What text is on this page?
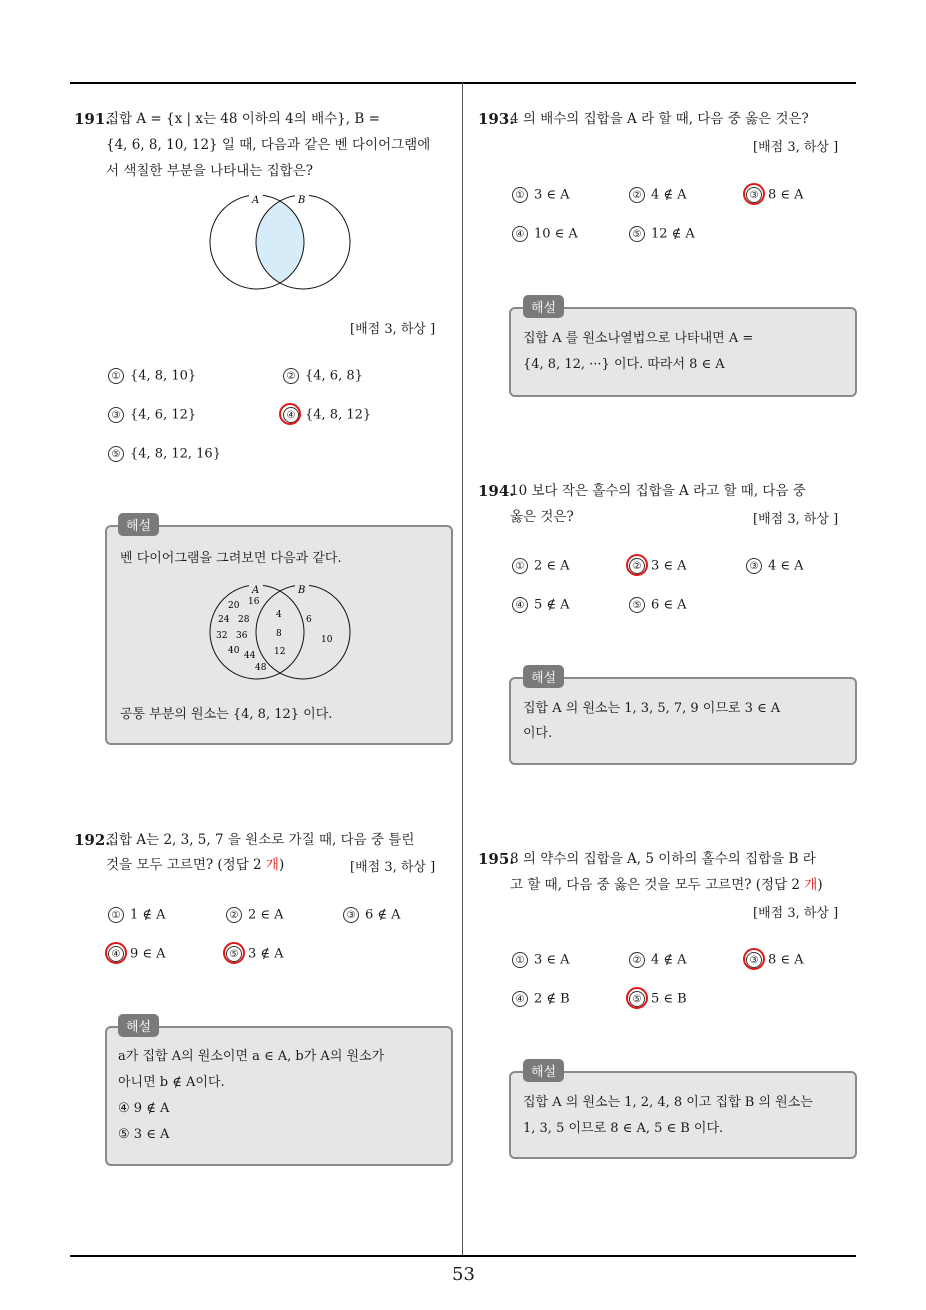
53
191.
집합 A = {x | x는 48 이하의 4의 배수}, B =
{4, 6, 8, 10, 12} 일 때, 다음과 같은 벤 다이어그램에
서 색칠한 부분을 나타내는 집합은?
A	B
[배점 3, 하상 ]
① {4, 8, 10}	② {4, 6, 8}
③ {4, 6, 12}	④ {4, 8, 12}
⑤ {4, 8, 12, 16}
해설
벤 다이어그램을 그려보면 다음과 같다.
A	B
20 16
24 28
32 36
40 44
48
4
8
12
6
10
공통 부분의 원소는 {4, 8, 12} 이다.
192.
집합 A는 2, 3, 5, 7 을 원소로 가질 때, 다음 중 틀린
것을 모두 고르면? (정답 2 개)	[배점 3, 하상 ]
① 1 ∉ A	② 2 ∈ A	③ 6 ∉ A
④ 9 ∈ A	⑤ 3 ∉ A
해설
a가 집합 A의 원소이면 a ∈ A, b가 A의 원소가
아니면 b ∉ A이다.
④ 9 ∉ A
⑤ 3 ∈ A
193.
4 의 배수의 집합을 A 라 할 때, 다음 중 옳은 것은?
[배점 3, 하상 ]
① 3 ∈ A	② 4 ∉ A	③ 8 ∈ A
④ 10 ∈ A	⑤ 12 ∉ A
해설
집합 A 를 원소나열법으로 나타내면 A =
{4, 8, 12, ···} 이다. 따라서 8 ∈ A
194.
10 보다 작은 홀수의 집합을 A 라고 할 때, 다음 중
옳은 것은?	[배점 3, 하상 ]
① 2 ∈ A	② 3 ∈ A	③ 4 ∈ A
④ 5 ∉ A	⑤ 6 ∈ A
해설
집합 A 의 원소는 1, 3, 5, 7, 9 이므로 3 ∈ A
이다.
195.
8 의 약수의 집합을 A, 5 이하의 홀수의 집합을 B 라
고 할 때, 다음 중 옳은 것을 모두 고르면? (정답 2 개)
[배점 3, 하상 ]
① 3 ∈ A	② 4 ∉ A	③ 8 ∈ A
④ 2 ∉ B	⑤ 5 ∈ B
해설
집합 A 의 원소는 1, 2, 4, 8 이고 집합 B 의 원소는
1, 3, 5 이므로 8 ∈ A, 5 ∈ B 이다.
